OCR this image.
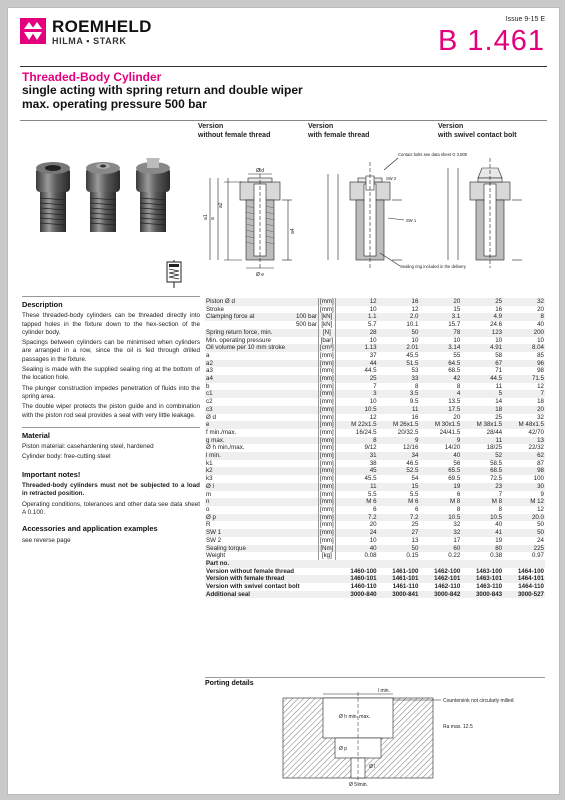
ROEMHELD
HILMA ▪ STARK
Issue 9-15 E
B 1.461
Threaded-Body Cylinder
single acting with spring return and double wiper max. operating pressure 500 bar
Version
without female thread
Version
with female thread
Version
with swivel contact bolt
Ø d
a2
a
a1
a4
Ø e
Contact bolts see data sheet G 3.800
SW 2
SW 1
Sealing ring included in the delivery
Description

These threaded-body cylinders can be threaded directly into tapped holes in the fixture down to the hex-section of the cylinder body.

Spacings between cylinders can be minimised when cylinders are arranged in a row, since the oil is fed through drilled passages in the fixture.

Sealing is made with the supplied sealing ring at the bottom of the location hole.

The plunger construction impedes penetration of fluids into the spring area.

The double wiper protects the piston guide and in combination with the piston rod seal provides a seal with very little leakage.

Material

Piston material: casehardening steel, hardened

Cylinder body: free-cutting steel

Important notes!

Threaded-body cylinders must not be subjected to a load in retracted position.

Operating conditions, tolerances and other data see data sheet A 0.100.

Accessories and application examples

see reverse page

Piston Ø d		[mm]	12	16	20	25	32
Stroke		[mm]	10	12	15	16	20
Clamping force at	100 bar	[kN]	1.1	2.0	3.1	4.9	8
	500 bar	[kN]	5.7	10.1	15.7	24.6	40
Spring return force, min.		[N]	28	50	78	123	200
Min. operating pressure		[bar]	10	10	10	10	10
Oil volume per 10 mm stroke		[cm³]	1.13	2.01	3.14	4.91	8.04
a		[mm]	37	45.5	55	58	85
a2		[mm]	44	51.5	64.5	67	96
a3		[mm]	44.5	53	68.5	71	98
a4		[mm]	25	33	42	44.5	71.5
b		[mm]	7	8	8	11	12
c1		[mm]	3	3.5	4	5	7
c2		[mm]	10	9.5	13.5	14	18
c3		[mm]	10.5	11	17.5	18	20
Ø d		[mm]	12	16	20	25	32
e		[mm]	M 22x1.5	M 26x1.5	M 30x1.5	M 38x1.5	M 48x1.5
f min./max.		[mm]	16/24.5	20/32.5	24/41.5	28/44	42/70
g max.		[mm]	8	9	9	11	13
Ø h min./max.		[mm]	9/12	12/16	14/20	18/25	22/32
l min.		[mm]	31	34	40	52	62
k1		[mm]	38	46.5	56	58.5	87
k2		[mm]	45	52.5	65.5	68.5	98
k3		[mm]	45.5	54	69.5	72.5	100
Ø l		[mm]	11	15	19	23	30
m		[mm]	5.5	5.5	6	7	9
n		[mm]	M 6	M 6	M 8	M 8	M 12
o		[mm]	6	6	8	8	12
Ø p		[mm]	7.2	7.2	10.5	10.5	20.0
R		[mm]	20	25	32	40	50
SW 1		[mm]	24	27	32	41	50
SW 2		[mm]	10	13	17	19	24
Sealing torque		[Nm]	40	50	60	80	225
Weight		[kg]	0.08	0.15	0.22	0.38	0.97
Part no.							
Version without female thread			1460-100	1461-100	1462-100	1463-100	1464-100
Version with female thread			1460-101	1461-101	1462-101	1463-101	1464-101
Version with swivel contact bolt			1460-110	1461-110	1462-110	1463-110	1464-110
Additional seal			3000-840	3000-841	3000-842	3000-843	3000-527
Porting details
l min.
Ø h min. max.
Countersink not circularly milled
Ra max. 12.5
Ø p
Ø l
Ø 5 min.
